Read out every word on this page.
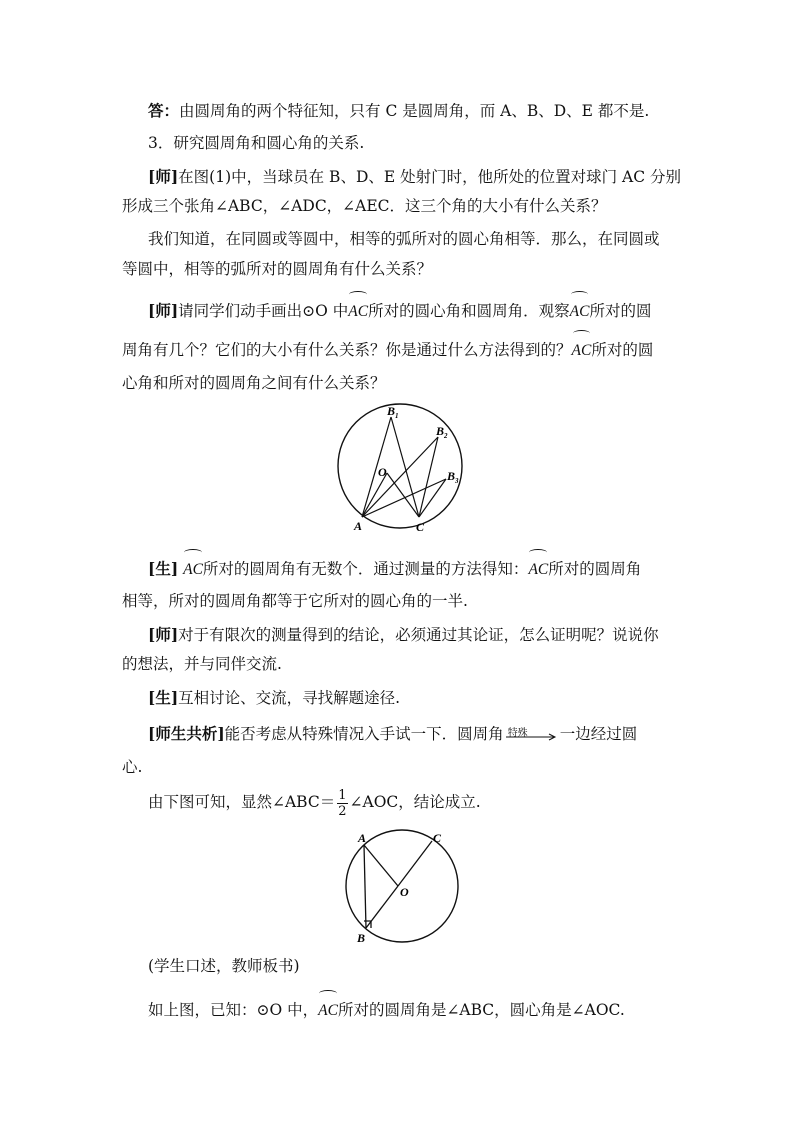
答：由圆周角的两个特征知，只有 C 是圆周角，而 A、B、D、E 都不是.
3．研究圆周角和圆心角的关系.
[师]在图(1)中，当球员在 B、D、E 处射门时，他所处的位置对球门 AC 分别
形成三个张角∠ABC，∠ADC，∠AEC．这三个角的大小有什么关系？
我们知道，在同圆或等圆中，相等的弧所对的圆心角相等．那么，在同圆或
等圆中，相等的弧所对的圆周角有什么关系？
[师]请同学们动手画出⊙O 中AC所对的圆心角和圆周角．观察AC所对的圆
周角有几个？它们的大小有什么关系？你是通过什么方法得到的？AC所对的圆
心角和所对的圆周角之间有什么关系？
A	C
O
$B_1$
$B_2$
$B_3$
[生] AC所对的圆周角有无数个．通过测量的方法得知：AC所对的圆周角
相等，所对的圆周角都等于它所对的圆心角的一半.
[师]对于有限次的测量得到的结论，必须通过其论证，怎么证明呢？说说你
的想法，并与同伴交流.
[生]互相讨论、交流，寻找解题途径.
[师生共析]能否考虑从特殊情况入手试一下．圆周角 特殊 一边经过圆
心.
由下图可知，显然∠ABC＝ $\frac{1}{2}$ ∠AOC，结论成立.
A	C
O
B
(学生口述，教师板书)
如上图，已知：⊙O 中，AC所对的圆周角是∠ABC，圆心角是∠AOC.
